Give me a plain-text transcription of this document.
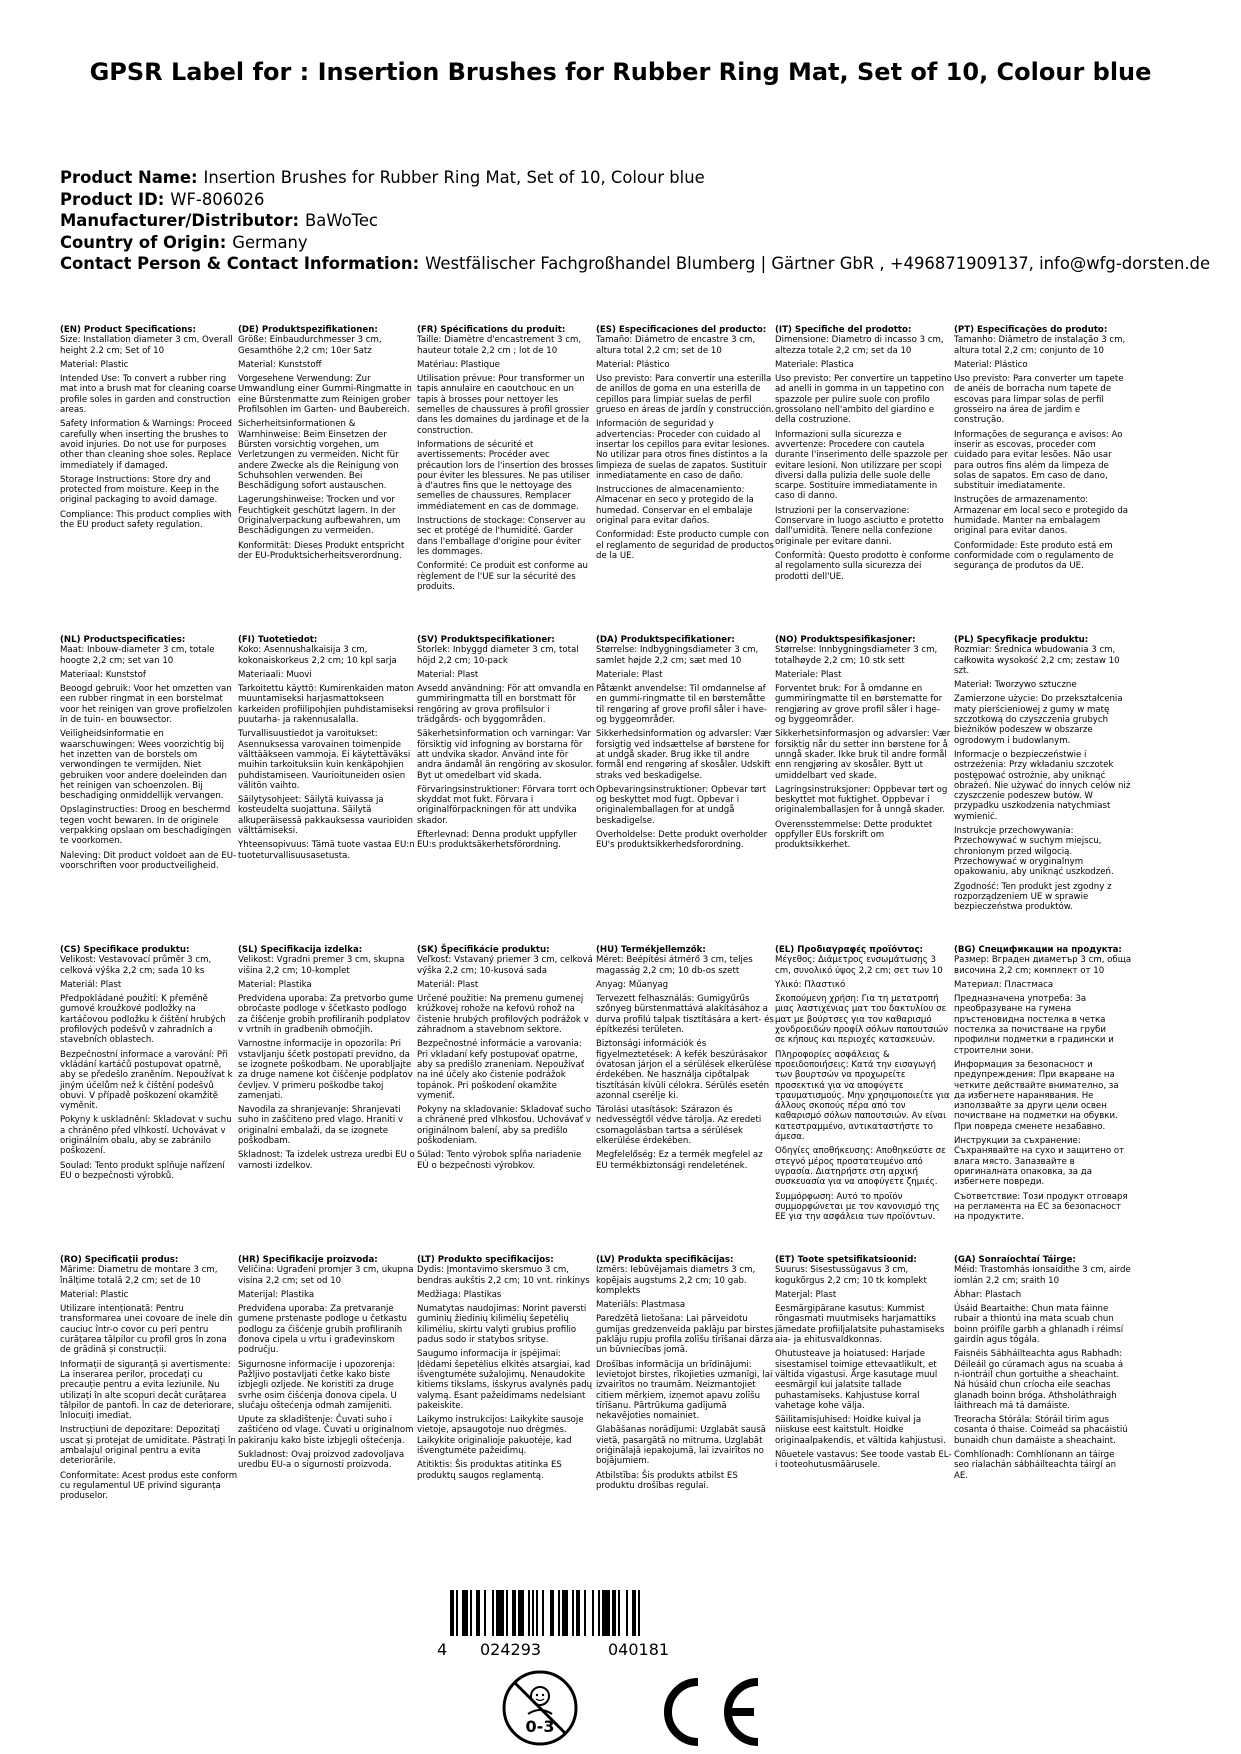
GPSR Label for : Insertion Brushes for Rubber Ring Mat, Set of 10, Colour blue
Product Name: Insertion Brushes for Rubber Ring Mat, Set of 10, Colour blue
Product ID: WF-806026
Manufacturer/Distributor: BaWoTec
Country of Origin: Germany
Contact Person & Contact Information: Westfälischer Fachgroßhandel Blumberg | Gärtner GbR , +496871909137, info@wfg-dorsten.de
(EN) Product Specifications:

Size: Installation diameter 3 cm, Overall height 2.2 cm; Set of 10

Material: Plastic

Intended Use: To convert a rubber ring mat into a brush mat for cleaning coarse profile soles in garden and construction areas.

Safety Information & Warnings: Proceed carefully when inserting the brushes to avoid injuries. Do not use for purposes other than cleaning shoe soles. Replace immediately if damaged.

Storage Instructions: Store dry and protected from moisture. Keep in the original packaging to avoid damage.

Compliance: This product complies with the EU product safety regulation.

(DE) Produktspezifikationen:

Größe: Einbaudurchmesser 3 cm, Gesamthöhe 2,2 cm; 10er Satz

Material: Kunststoff

Vorgesehene Verwendung: Zur Umwandlung einer Gummi-Ringmatte in eine Bürstenmatte zum Reinigen grober Profilsohlen im Garten- und Baubereich.

Sicherheitsinformationen & Warnhinweise: Beim Einsetzen der Bürsten vorsichtig vorgehen, um Verletzungen zu vermeiden. Nicht für andere Zwecke als die Reinigung von Schuhsohlen verwenden. Bei Beschädigung sofort austauschen.

Lagerungshinweise: Trocken und vor Feuchtigkeit geschützt lagern. In der Originalverpackung aufbewahren, um Beschädigungen zu vermeiden.

Konformität: Dieses Produkt entspricht der EU-Produktsicherheitsverordnung.

(FR) Spécifications du produit:

Taille: Diamètre d'encastrement 3 cm, hauteur totale 2,2 cm ; lot de 10

Matériau: Plastique

Utilisation prévue: Pour transformer un tapis annulaire en caoutchouc en un tapis à brosses pour nettoyer les semelles de chaussures à profil grossier dans les domaines du jardinage et de la construction.

Informations de sécurité et avertissements: Procéder avec précaution lors de l'insertion des brosses pour éviter les blessures. Ne pas utiliser à d'autres fins que le nettoyage des semelles de chaussures. Remplacer immédiatement en cas de dommage.

Instructions de stockage: Conserver au sec et protégé de l'humidité. Garder dans l'emballage d'origine pour éviter les dommages.

Conformité: Ce produit est conforme au règlement de l'UE sur la sécurité des produits.

(ES) Especificaciones del producto:

Tamaño: Diámetro de encastre 3 cm, altura total 2,2 cm; set de 10

Material: Plástico

Uso previsto: Para convertir una esterilla de anillos de goma en una esterilla de cepillos para limpiar suelas de perfil grueso en áreas de jardín y construcción.

Información de seguridad y advertencias: Proceder con cuidado al insertar los cepillos para evitar lesiones. No utilizar para otros fines distintos a la limpieza de suelas de zapatos. Sustituir inmediatamente en caso de daño.

Instrucciones de almacenamiento: Almacenar en seco y protegido de la humedad. Conservar en el embalaje original para evitar daños.

Conformidad: Este producto cumple con el reglamento de seguridad de productos de la UE.

(IT) Specifiche del prodotto:

Dimensione: Diametro di incasso 3 cm, altezza totale 2,2 cm; set da 10

Materiale: Plastica

Uso previsto: Per convertire un tappetino ad anelli in gomma in un tappetino con spazzole per pulire suole con profilo grossolano nell'ambito del giardino e della costruzione.

Informazioni sulla sicurezza e avvertenze: Procedere con cautela durante l'inserimento delle spazzole per evitare lesioni. Non utilizzare per scopi diversi dalla pulizia delle suole delle scarpe. Sostituire immediatamente in caso di danno.

Istruzioni per la conservazione: Conservare in luogo asciutto e protetto dall'umidità. Tenere nella confezione originale per evitare danni.

Conformità: Questo prodotto è conforme al regolamento sulla sicurezza dei prodotti dell'UE.

(PT) Especificações do produto:

Tamanho: Diâmetro de instalação 3 cm, altura total 2,2 cm; conjunto de 10

Material: Plástico

Uso previsto: Para converter um tapete de anéis de borracha num tapete de escovas para limpar solas de perfil grosseiro na área de jardim e construção.

Informações de segurança e avisos: Ao inserir as escovas, proceder com cuidado para evitar lesões. Não usar para outros fins além da limpeza de solas de sapatos. Em caso de dano, substituir imediatamente.

Instruções de armazenamento: Armazenar em local seco e protegido da humidade. Manter na embalagem original para evitar danos.

Conformidade: Este produto está em conformidade com o regulamento de segurança de produtos da UE.

(NL) Productspecificaties:

Maat: Inbouw-diameter 3 cm, totale hoogte 2,2 cm; set van 10

Materiaal: Kunststof

Beoogd gebruik: Voor het omzetten van een rubber ringmat in een borstelmat voor het reinigen van grove profielzolen in de tuin- en bouwsector.

Veiligheidsinformatie en waarschuwingen: Wees voorzichtig bij het inzetten van de borstels om verwondingen te vermijden. Niet gebruiken voor andere doeleinden dan het reinigen van schoenzolen. Bij beschadiging onmiddellijk vervangen.

Opslaginstructies: Droog en beschermd tegen vocht bewaren. In de originele verpakking opslaan om beschadigingen te voorkomen.

Naleving: Dit product voldoet aan de EU-voorschriften voor productveiligheid.

(FI) Tuotetiedot:

Koko: Asennushalkaisija 3 cm, kokonaiskorkeus 2,2 cm; 10 kpl sarja

Materiaali: Muovi

Tarkoitettu käyttö: Kumirenkaiden maton muuntamiseksi harjasmattokseen karkeiden profiilipohjien puhdistamiseksi puutarha- ja rakennusalalla.

Turvallisuustiedot ja varoitukset: Asennuksessa varovainen toimenpide välttääkseen vammoja. Ei käytettäväksi muihin tarkoituksiin kuin kenkäpohjien puhdistamiseen. Vaurioituneiden osien välitön vaihto.

Säilytysohjeet: Säilytä kuivassa ja kosteudelta suojattuna. Säilytä alkuperäisessä pakkauksessa vaurioiden välttämiseksi.

Yhteensopivuus: Tämä tuote vastaa EU:n tuoteturvallisuusasetusta.

(SV) Produktspecifikationer:

Storlek: Inbyggd diameter 3 cm, total höjd 2,2 cm; 10-pack

Material: Plast

Avsedd användning: För att omvandla en gummiringmatta till en borstmatt för rengöring av grova profilsulor i trädgårds- och byggområden.

Säkerhetsinformation och varningar: Var försiktig vid infogning av borstarna för att undvika skador. Använd inte för andra ändamål än rengöring av skosulor. Byt ut omedelbart vid skada.

Förvaringsinstruktioner: Förvara torrt och skyddat mot fukt. Förvara i originalförpackningen för att undvika skador.

Efterlevnad: Denna produkt uppfyller EU:s produktsäkerhetsförordning.

(DA) Produktspecifikationer:

Størrelse: Indbygningsdiameter 3 cm, samlet højde 2,2 cm; sæt med 10

Materiale: Plast

Påtænkt anvendelse: Til omdannelse af en gummi-ringmatte til en børstemåtte til rengøring af grove profil såler i have- og byggeområder.

Sikkerhedsinformation og advarsler: Vær forsigtig ved indsættelse af børstene for at undgå skader. Brug ikke til andre formål end rengøring af skosåler. Udskift straks ved beskadigelse.

Opbevaringsinstruktioner: Opbevar tørt og beskyttet mod fugt. Opbevar i originalemballagen for at undgå beskadigelse.

Overholdelse: Dette produkt overholder EU's produktsikkerhedsforordning.

(NO) Produktspesifikasjoner:

Størrelse: Innbygningsdiameter 3 cm, totalhøyde 2,2 cm; 10 stk sett

Materiale: Plast

Forventet bruk: For å omdanne en gummiringmatte til en børstematte for rengjøring av grove profil såler i hage- og byggeområder.

Sikkerhetsinformasjon og advarsler: Vær forsiktig når du setter inn børstene for å unngå skader. Ikke bruk til andre formål enn rengjøring av skosåler. Bytt ut umiddelbart ved skade.

Lagringsinstruksjoner: Oppbevar tørt og beskyttet mot fuktighet. Oppbevar i originalemballasjen for å unngå skader.

Overensstemmelse: Dette produktet oppfyller EUs forskrift om produktsikkerhet.

(PL) Specyfikacje produktu:

Rozmiar: Średnica wbudowania 3 cm, całkowita wysokość 2,2 cm; zestaw 10 szt.

Materiał: Tworzywo sztuczne

Zamierzone użycie: Do przekształcenia maty pierścieniowej z gumy w matę szczotkową do czyszczenia grubych bieżników podeszew w obszarze ogrodowym i budowlanym.

Informacje o bezpieczeństwie i ostrzeżenia: Przy wkładaniu szczotek postępować ostrożnie, aby uniknąć obrażeń. Nie używać do innych celów niż czyszczenie podeszew butów. W przypadku uszkodzenia natychmiast wymienić.

Instrukcje przechowywania: Przechowywać w suchym miejscu, chronionym przed wilgocią. Przechowywać w oryginalnym opakowaniu, aby uniknąć uszkodzeń.

Zgodność: Ten produkt jest zgodny z rozporządzeniem UE w sprawie bezpieczeństwa produktów.

(CS) Specifikace produktu:

Velikost: Vestavovací průměr 3 cm, celková výška 2,2 cm; sada 10 ks

Materiál: Plast

Předpokládané použití: K přeměně gumové kroužkové podložky na kartáčovou podložku k čištění hrubých profilových podešvů v zahradních a stavebních oblastech.

Bezpečnostní informace a varování: Při vkládání kartáčů postupovat opatrně, aby se předešlo zraněním. Nepoužívat k jiným účelům než k čištění podešvů obuvi. V případě poškození okamžitě vyměnit.

Pokyny k uskladnění: Skladovat v suchu a chráněno před vlhkostí. Uchovávat v originálním obalu, aby se zabránilo poškození.

Soulad: Tento produkt splňuje nařízení EU o bezpečnosti výrobků.

(SL) Specifikacija izdelka:

Velikost: Vgradni premer 3 cm, skupna višina 2,2 cm; 10-komplet

Material: Plastika

Predvidena uporaba: Za pretvorbo gume obročaste podloge v ščetkasto podlogo za čiščenje grobih profiliranih podplatov v vrtnih in gradbenih območjih.

Varnostne informacije in opozorila: Pri vstavljanju ščetk postopati previdno, da se izognete poškodbam. Ne uporabljajte za druge namene kot čiščenje podplatov čevljev. V primeru poškodbe takoj zamenjati.

Navodila za shranjevanje: Shranjevati suho in zaščiteno pred vlago. Hraniti v originalni embalaži, da se izognete poškodbam.

Skladnost: Ta izdelek ustreza uredbi EU o varnosti izdelkov.

(SK) Špecifikácie produktu:

Veľkosť: Vstavaný priemer 3 cm, celková výška 2,2 cm; 10-kusová sada

Materiál: Plast

Určené použitie: Na premenu gumenej krúžkovej rohože na kefovú rohož na čistenie hrubých profilových podrážok v záhradnom a stavebnom sektore.

Bezpečnostné informácie a varovania: Pri vkladaní kefy postupovať opatrne, aby sa predišlo zraneniam. Nepoužívať na iné účely ako čistenie podrážok topánok. Pri poškodení okamžite vymeniť.

Pokyny na skladovanie: Skladovať sucho a chránené pred vlhkosťou. Uchovávať v originálnom balení, aby sa predišlo poškodeniam.

Súlad: Tento výrobok spĺňa nariadenie EÚ o bezpečnosti výrobkov.

(HU) Termékjellemzők:

Méret: Beépítési átmérő 3 cm, teljes magasság 2,2 cm; 10 db-os szett

Anyag: Műanyag

Tervezett felhasználás: Gumigyűrűs szőnyeg bürstenmattává alakításához a durva profilú talpak tisztítására a kert- és építkezési területen.

Biztonsági információk és figyelmeztetések: A kefék beszúrásakor óvatosan járjon el a sérülések elkerülése érdekében. Ne használja cipőtalpak tisztításán kívüli célokra. Sérülés esetén azonnal cserélje ki.

Tárolási utasítások: Szárazon és nedvességtől védve tárolja. Az eredeti csomagolásban tartsa a sérülések elkerülése érdekében.

Megfelelőség: Ez a termék megfelel az EU termékbiztonsági rendeletének.

(EL) Προδιαγραφές προϊόντος:

Μέγεθος: Διάμετρος ενσωμάτωσης 3 cm, συνολικό ύψος 2,2 cm; σετ των 10

Υλικό: Πλαστικό

Σκοπούμενη χρήση: Για τη μετατροπή μιας λαστιχένιας ματ του δακτυλίου σε ματ με βούρτσες για τον καθαρισμό χονδροειδών προφίλ σόλων παπουτσιών σε κήπους και περιοχές κατασκευών.

Πληροφορίες ασφάλειας & προειδοποιήσεις: Κατά την εισαγωγή των βουρτσών να προχωρείτε προσεκτικά για να αποφύγετε τραυματισμούς. Μην χρησιμοποιείτε για άλλους σκοπούς πέρα από τον καθαρισμό σόλων παπουτσιών. Αν είναι κατεστραμμένο, αντικαταστήστε το άμεσα.

Οδηγίες αποθήκευσης: Αποθηκεύστε σε στεγνό μέρος προστατευμένο από υγρασία. Διατηρήστε στη αρχική συσκευασία για να αποφύγετε ζημιές.

Συμμόρφωση: Αυτό το προϊόν συμμορφώνεται με τον κανονισμό της ΕΕ για την ασφάλεια των προϊόντων.

(BG) Спецификации на продукта:

Размер: Вграден диаметър 3 cm, обща височина 2,2 cm; комплект от 10

Материал: Пластмаса

Предназначена употреба: За преобразуване на гумена пръстеновидна постелка в четка постелка за почистване на груби профилни подметки в градински и строителни зони.

Информация за безопасност и предупреждения: При вкарване на четките действайте внимателно, за да избегнете наранявания. Не използвайте за други цели освен почистване на подметки на обувки. При повреда сменете незабавно.

Инструкции за съхранение: Съхранявайте на сухо и защитено от влага място. Запазвайте в оригиналната опаковка, за да избегнете повреди.

Съответствие: Този продукт отговаря на регламента на ЕС за безопасност на продуктите.

(RO) Specificații produs:

Mărime: Diametru de montare 3 cm, înălțime totală 2,2 cm; set de 10

Material: Plastic

Utilizare intenționată: Pentru transformarea unei covoare de inele din cauciuc într-o covor cu peri pentru curățarea tălpilor cu profil gros în zona de grădină și construcții.

Informații de siguranță și avertismente: La inserarea perilor, procedați cu precauție pentru a evita leziunile. Nu utilizați în alte scopuri decât curățarea tălpilor de pantofi. În caz de deteriorare, înlocuiți imediat.

Instrucțiuni de depozitare: Depozitați uscat și protejat de umiditate. Păstrați în ambalajul original pentru a evita deteriorările.

Conformitate: Acest produs este conform cu regulamentul UE privind siguranța produselor.

(HR) Specifikacije proizvoda:

Veličina: Ugrađeni promjer 3 cm, ukupna visina 2,2 cm; set od 10

Materijal: Plastika

Predviđena uporaba: Za pretvaranje gumene prstenaste podloge u četkastu podlogu za čišćenje grubih profiliranih đonova cipela u vrtu i građevinskom području.

Sigurnosne informacije i upozorenja: Pažljivo postavljati četke kako biste izbjegli ozljede. Ne koristiti za druge svrhe osim čišćenja đonova cipela. U slučaju oštećenja odmah zamijeniti.

Upute za skladištenje: Čuvati suho i zaštićeno od vlage. Čuvati u originalnom pakiranju kako biste izbjegli oštećenja.

Sukladnost: Ovaj proizvod zadovoljava uredbu EU-a o sigurnosti proizvoda.

(LT) Produkto specifikacijos:

Dydis: Įmontavimo skersmuo 3 cm, bendras aukštis 2,2 cm; 10 vnt. rinkinys

Medžiaga: Plastikas

Numatytas naudojimas: Norint paversti guminių žiedinių kilimėlių šepetėlių kilimėliu, skirtu valyti grubius profilio padus sodo ir statybos srityse.

Saugumo informacija ir įspėjimai: Įdėdami šepetėlius elkitės atsargiai, kad išvengtumėte sužalojimų. Nenaudokite kitiems tikslams, išskyrus avalynės padų valymą. Esant pažeidimams nedelsiant pakeiskite.

Laikymo instrukcijos: Laikykite sausoje vietoje, apsaugotoje nuo drėgmės. Laikykite originalioje pakuotėje, kad išvengtumėte pažeidimų.

Atitiktis: Šis produktas atitinka ES produktų saugos reglamentą.

(LV) Produkta specifikācijas:

Izmērs: Iebūvējamais diametrs 3 cm, kopējais augstums 2,2 cm; 10 gab. komplekts

Materiāls: Plastmasa

Paredzētā lietošana: Lai pārveidotu gumijas gredzenveida paklāju par birstes paklāju rupju profila zolīšu tīrīšanai dārza un būvniecības jomā.

Drošības informācija un brīdinājumi: Ievietojot birstes, rīkojieties uzmanīgi, lai izvairītos no traumām. Neizmantojiet citiem mērķiem, izņemot apavu zolīšu tīrīšanu. Pārtrūkuma gadījumā nekavējoties nomainiet.

Glabāšanas norādījumi: Uzglabāt sausā vietā, pasargātā no mitruma. Uzglabāt oriģinālajā iepakojumā, lai izvairītos no bojājumiem.

Atbilstība: Šis produkts atbilst ES produktu drošības regulai.

(ET) Toote spetsifikatsioonid:

Suurus: Sisestussügavus 3 cm, kogukõrgus 2,2 cm; 10 tk komplekt

Materjal: Plast

Eesmärgipärane kasutus: Kummist rõngasmati muutmiseks harjamattiks jämedate profiiljalatsite puhastamiseks aia- ja ehitusvaldkonnas.

Ohutusteave ja hoiatused: Harjade sisestamisel toimige ettevaatlikult, et vältida vigastusi. Ärge kasutage muul eesmärgil kui jalatsite tallade puhastamiseks. Kahjustuse korral vahetage kohe välja.

Säilitamisjuhised: Hoidke kuival ja niiskuse eest kaitstult. Hoidke originaalpakendis, et vältida kahjustusi.

Nõuetele vastavus: See toode vastab EL-i tooteohutusmäärusele.

(GA) Sonraíochtaí Táirge:

Méid: Trastomhás ionsaidithe 3 cm, airde iomlán 2,2 cm; sraith 10

Ábhar: Plastach

Úsáid Beartaithe: Chun mata fáinne rubair a thiontú ina mata scuab chun boinn próifíle garbh a ghlanadh i réimsí gairdín agus tógála.

Faisnéis Sábháilteachta agus Rabhadh: Déileáil go cúramach agus na scuaba á n-iontráil chun gortuithe a sheachaint. Ná húsáid chun críocha eile seachas glanadh boinn bróga. Athsholáthraigh láithreach má tá damáiste.

Treoracha Stórála: Stóráil tirim agus cosanta ó thaise. Coimeád sa phacáistiú bunaidh chun damáiste a sheachaint.

Comhlíonadh: Comhlíonann an táirge seo rialachán sábháilteachta táirgí an AE.

4 024293	040181
0-3
